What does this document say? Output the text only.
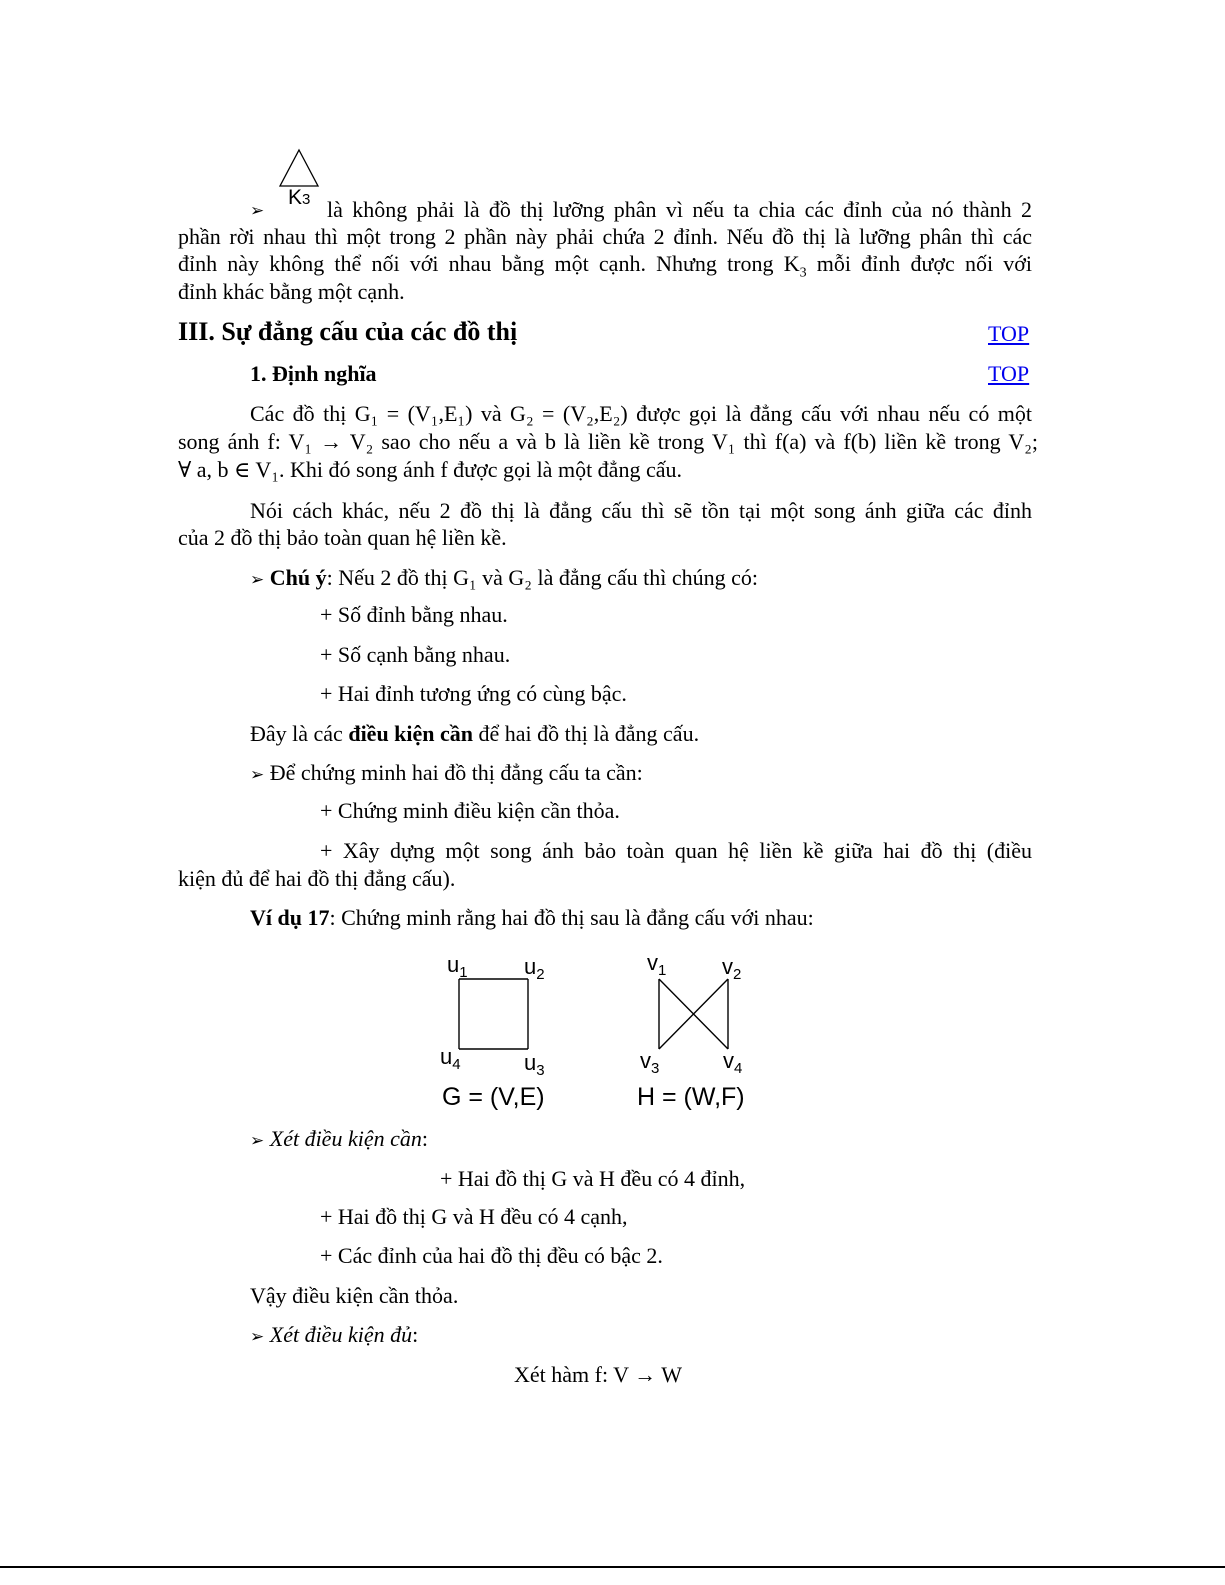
K3
➢	là không phải là đồ thị lưỡng phân vì nếu ta chia các đỉnh của nó thành 2
phần rời nhau thì một trong 2 phần này phải chứa 2 đỉnh. Nếu đồ thị là lưỡng phân thì các
đỉnh này không thể nối với nhau bằng một cạnh. Nhưng trong $K_3$ mỗi đỉnh được nối với
đỉnh khác bằng một cạnh.
III. Sự đẳng cấu của các đồ thị	TOP
1. Định nghĩa	TOP
Các đồ thị G₁ = (V₁,E₁) và G₂ = (V₂,E₂) được gọi là đẳng cấu với nhau nếu có một
song ánh f: V₁ → V₂ sao cho nếu a và b là liền kề trong V₁ thì f(a) và f(b) liền kề trong V₂;
∀ a, b ∈ V₁. Khi đó song ánh f được gọi là một đẳng cấu.
Nói cách khác, nếu 2 đồ thị là đẳng cấu thì sẽ tồn tại một song ánh giữa các đỉnh
của 2 đồ thị bảo toàn quan hệ liền kề.
➢ Chú ý: Nếu 2 đồ thị G₁ và G₂ là đẳng cấu thì chúng có:
+ Số đỉnh bằng nhau.
+ Số cạnh bằng nhau.
+ Hai đỉnh tương ứng có cùng bậc.
Đây là các điều kiện cần để hai đồ thị là đẳng cấu.
➢ Để chứng minh hai đồ thị đẳng cấu ta cần:
+ Chứng minh điều kiện cần thỏa.
+ Xây dựng một song ánh bảo toàn quan hệ liền kề giữa hai đồ thị (điều
kiện đủ để hai đồ thị đẳng cấu).
Ví dụ 17: Chứng minh rằng hai đồ thị sau là đẳng cấu với nhau:
$u_1$	$u_2$
$u_4$	$u_3$
G = (V,E)
$v_1$	$v_2$
$v_3$	$v_4$
H = (W,F)
➢ Xét điều kiện cần:
+ Hai đồ thị G và H đều có 4 đỉnh,
+ Hai đồ thị G và H đều có 4 cạnh,
+ Các đỉnh của hai đồ thị đều có bậc 2.
Vậy điều kiện cần thỏa.
➢ Xét điều kiện đủ:
Xét hàm f: V → W
